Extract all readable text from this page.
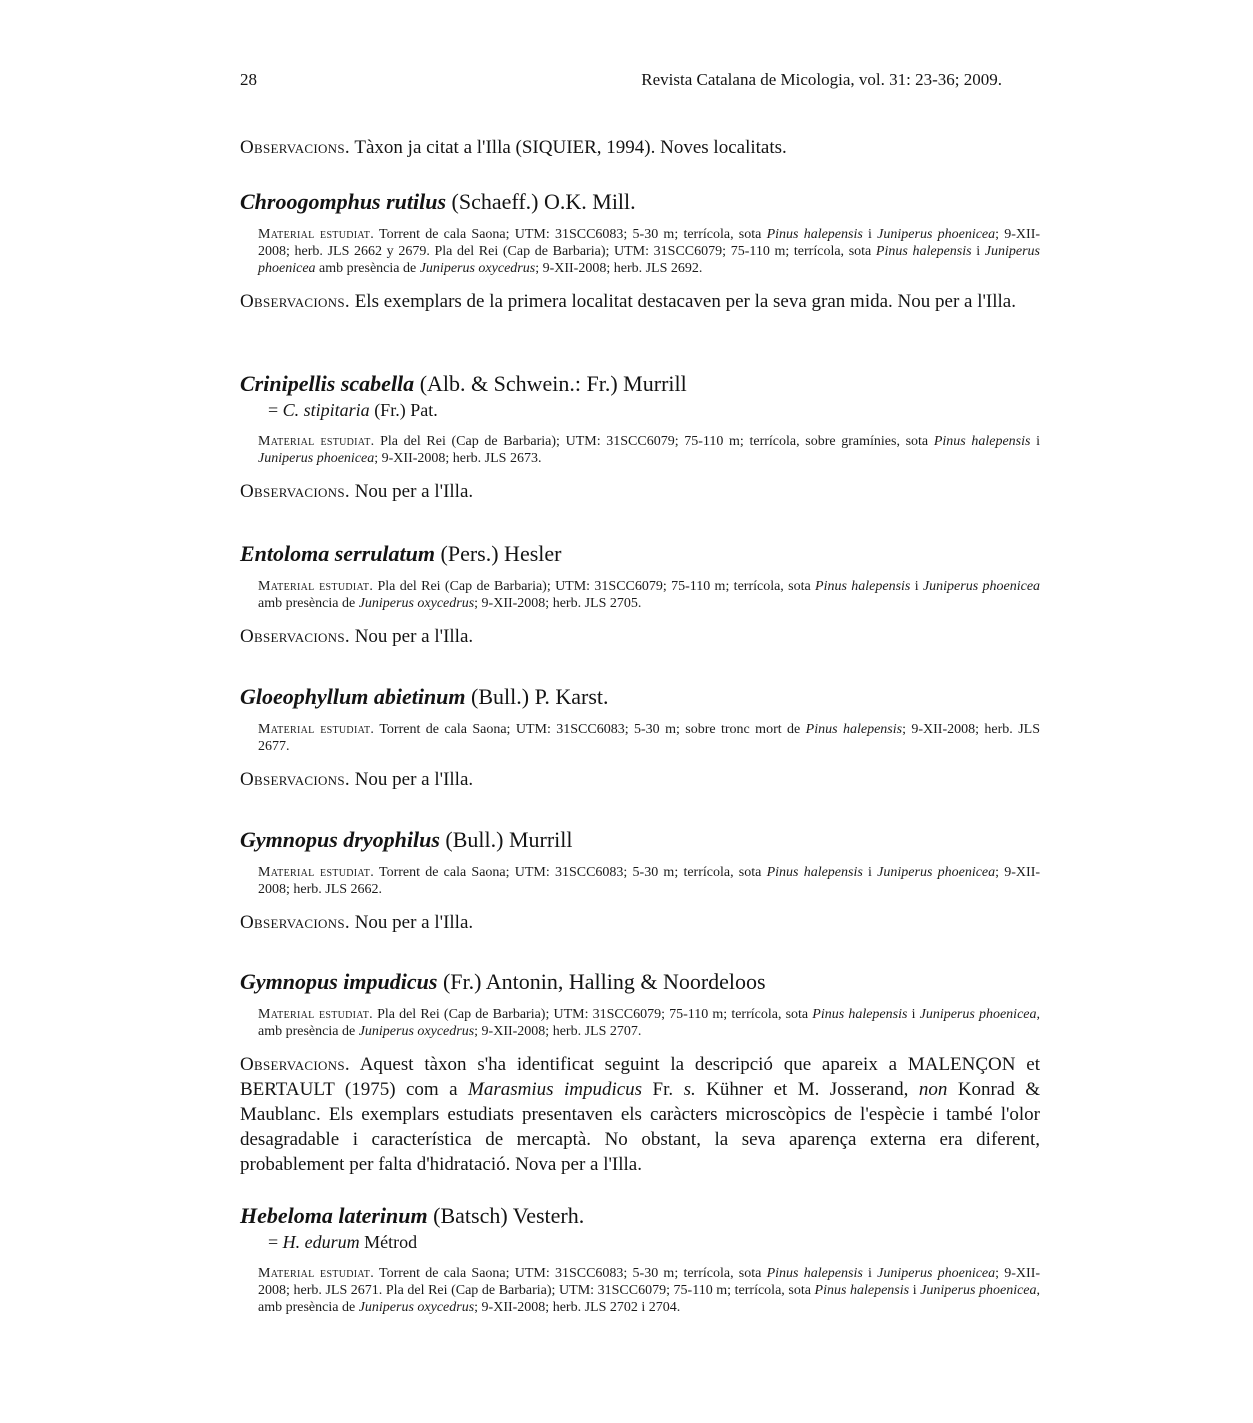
28	Revista Catalana de Micologia, vol. 31: 23-36; 2009.
Observacions. Tàxon ja citat a l'Illa (SIQUIER, 1994). Noves localitats.
Chroogomphus rutilus (Schaeff.) O.K. Mill.
Material estudiat. Torrent de cala Saona; UTM: 31SCC6083; 5-30 m; terrícola, sota Pinus halepensis i Juniperus phoenicea; 9-XII-2008; herb. JLS 2662 y 2679. Pla del Rei (Cap de Barbaria); UTM: 31SCC6079; 75-110 m; terrícola, sota Pinus halepensis i Juniperus phoenicea amb presència de Juniperus oxycedrus; 9-XII-2008; herb. JLS 2692.
Observacions. Els exemplars de la primera localitat destacaven per la seva gran mida. Nou per a l'Illa.
Crinipellis scabella (Alb. & Schwein.: Fr.) Murrill
= C. stipitaria (Fr.) Pat.
Material estudiat. Pla del Rei (Cap de Barbaria); UTM: 31SCC6079; 75-110 m; terrícola, sobre gramínies, sota Pinus halepensis i Juniperus phoenicea; 9-XII-2008; herb. JLS 2673.
Observacions. Nou per a l'Illa.
Entoloma serrulatum (Pers.) Hesler
Material estudiat. Pla del Rei (Cap de Barbaria); UTM: 31SCC6079; 75-110 m; terrícola, sota Pinus halepensis i Juniperus phoenicea amb presència de Juniperus oxycedrus; 9-XII-2008; herb. JLS 2705.
Observacions. Nou per a l'Illa.
Gloeophyllum abietinum (Bull.) P. Karst.
Material estudiat. Torrent de cala Saona; UTM: 31SCC6083; 5-30 m; sobre tronc mort de Pinus halepensis; 9-XII-2008; herb. JLS 2677.
Observacions. Nou per a l'Illa.
Gymnopus dryophilus (Bull.) Murrill
Material estudiat. Torrent de cala Saona; UTM: 31SCC6083; 5-30 m; terrícola, sota Pinus halepensis i Juniperus phoenicea; 9-XII-2008; herb. JLS 2662.
Observacions. Nou per a l'Illa.
Gymnopus impudicus (Fr.) Antonin, Halling & Noordeloos
Material estudiat. Pla del Rei (Cap de Barbaria); UTM: 31SCC6079; 75-110 m; terrícola, sota Pinus halepensis i Juniperus phoenicea, amb presència de Juniperus oxycedrus; 9-XII-2008; herb. JLS 2707.
Observacions. Aquest tàxon s'ha identificat seguint la descripció que apareix a MALENÇON et BERTAULT (1975) com a Marasmius impudicus Fr. s. Kühner et M. Josserand, non Konrad & Maublanc. Els exemplars estudiats presentaven els caràcters microscòpics de l'espècie i també l'olor desagradable i característica de mercaptà. No obstant, la seva aparença externa era diferent, probablement per falta d'hidratació. Nova per a l'Illa.
Hebeloma laterinum (Batsch) Vesterh.
= H. edurum Métrod
Material estudiat. Torrent de cala Saona; UTM: 31SCC6083; 5-30 m; terrícola, sota Pinus halepensis i Juniperus phoenicea; 9-XII-2008; herb. JLS 2671. Pla del Rei (Cap de Barbaria); UTM: 31SCC6079; 75-110 m; terrícola, sota Pinus halepensis i Juniperus phoenicea, amb presència de Juniperus oxycedrus; 9-XII-2008; herb. JLS 2702 i 2704.
